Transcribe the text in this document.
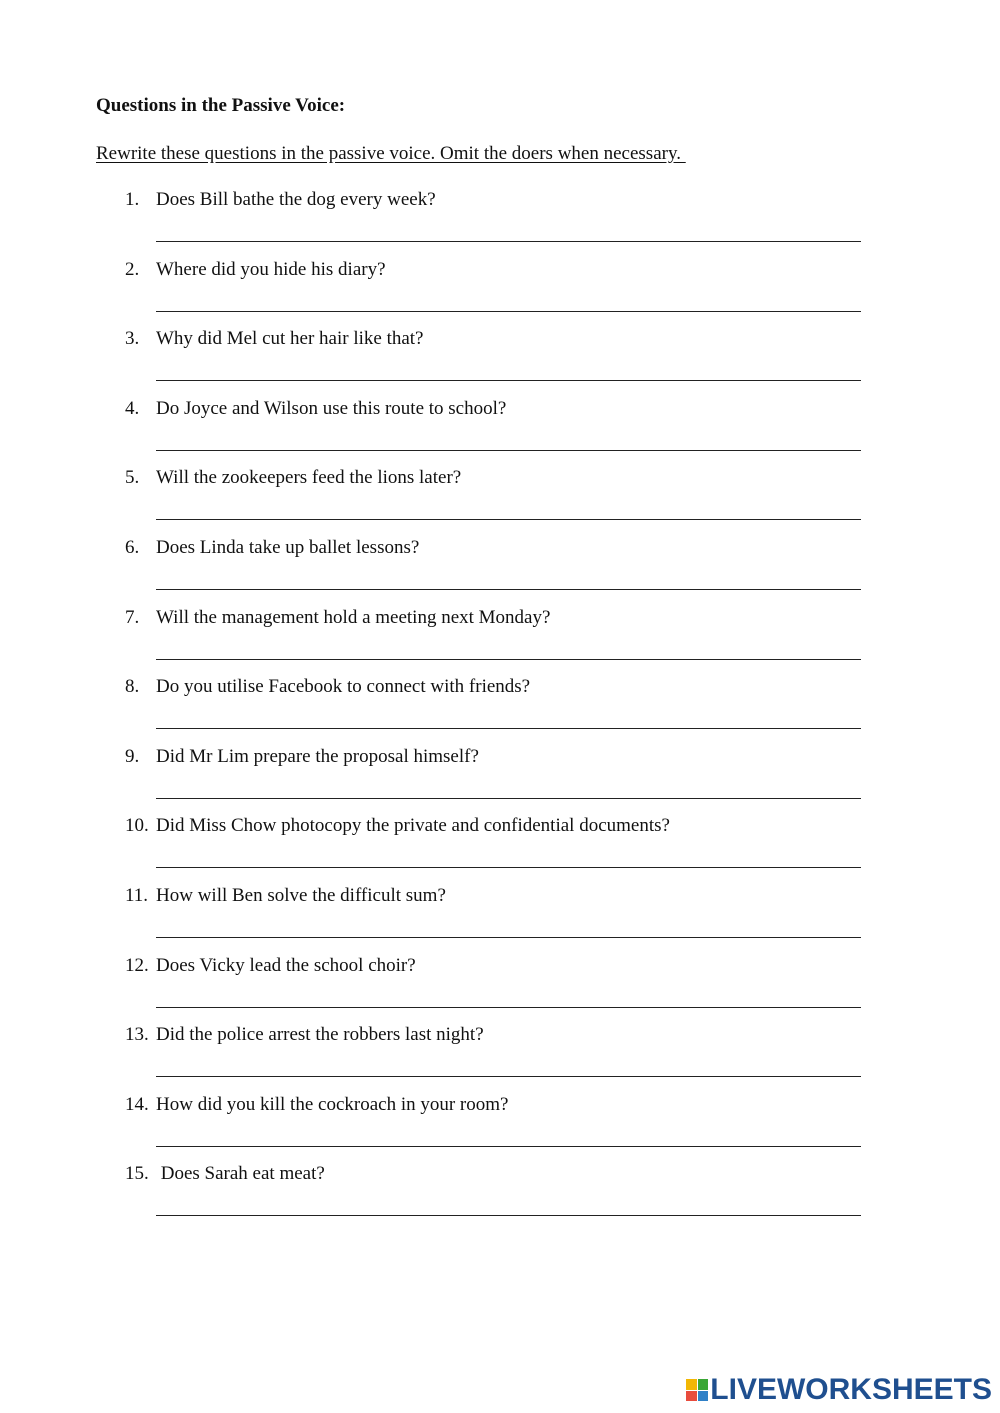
Questions in the Passive Voice:

Rewrite these questions in the passive voice. Omit the doers when necessary.

1. Does Bill bathe the dog every week?
2. Where did you hide his diary?
3. Why did Mel cut her hair like that?
4. Do Joyce and Wilson use this route to school?
5. Will the zookeepers feed the lions later?
6. Does Linda take up ballet lessons?
7. Will the management hold a meeting next Monday?
8. Do you utilise Facebook to connect with friends?
9. Did Mr Lim prepare the proposal himself?
10. Did Miss Chow photocopy the private and confidential documents?
11. How will Ben solve the difficult sum?
12. Does Vicky lead the school choir?
13. Did the police arrest the robbers last night?
14. How did you kill the cockroach in your room?
15. Does Sarah eat meat?
LIVEWORKSHEETS
